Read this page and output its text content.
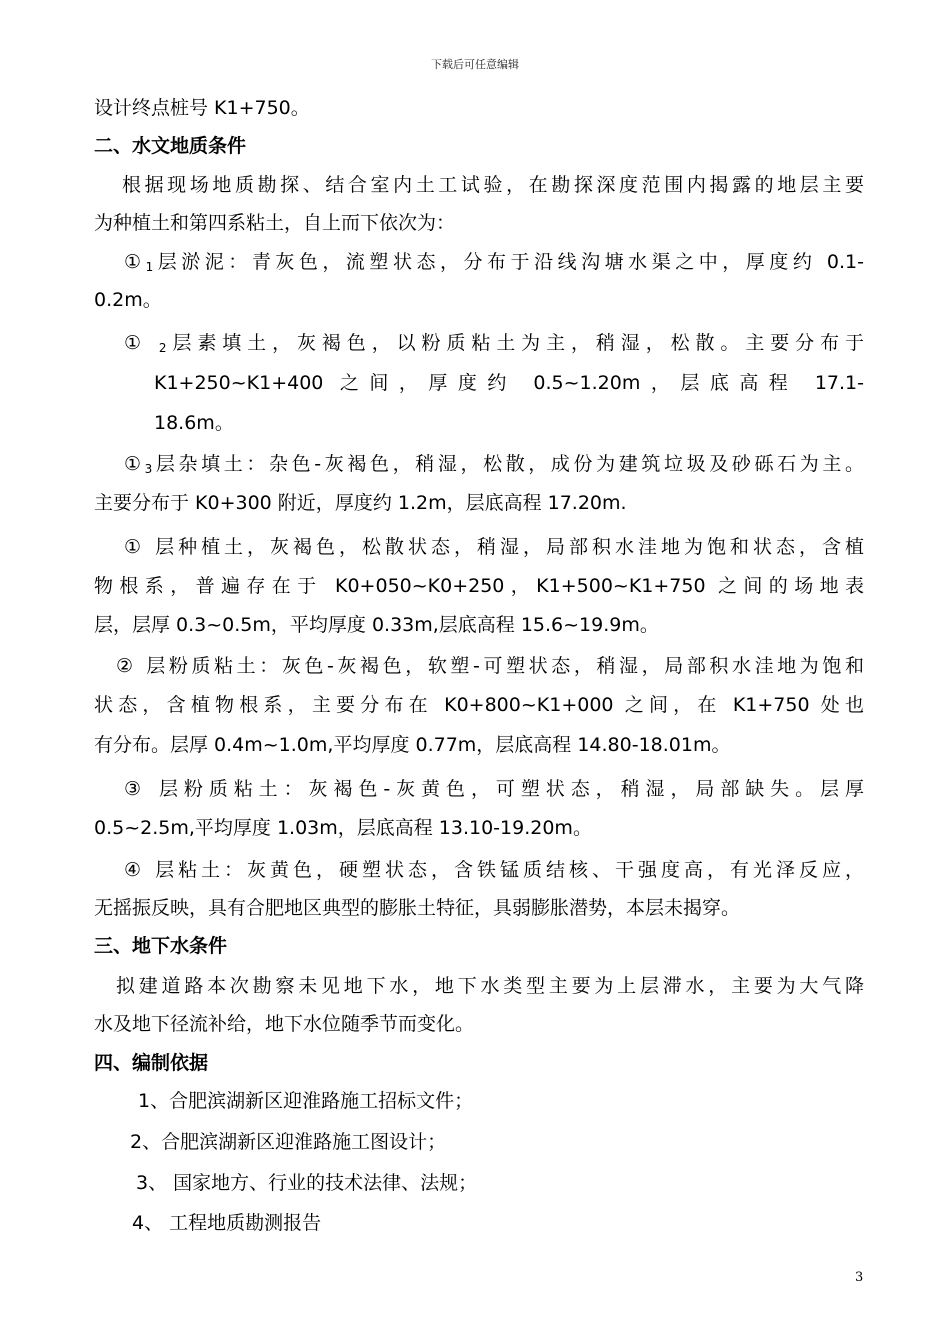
下载后可任意编辑
设计终点桩号 K1+750。
二、水文地质条件
根据现场地质勘探、结合室内土工试验，在勘探深度范围内揭露的地层主要
为种植土和第四系粘土，自上而下依次为：
$①_1$层淤泥：青灰色，流塑状态，分布于沿线沟塘水渠之中，厚度约 0.1-
0.2m。
① $_2$层素填土，灰褐色，以粉质粘土为主，稍湿，松散。主要分布于
K1+250~K1+400 之间，厚度约 0.5~1.20m，层底高程 17.1-
18.6m。
$①_3$层杂填土：杂色-灰褐色，稍湿，松散，成份为建筑垃圾及砂砾石为主。
主要分布于 K0+300 附近，厚度约 1.2m，层底高程 17.20m.
① 层种植土，灰褐色，松散状态，稍湿，局部积水洼地为饱和状态，含植
物根系，普遍存在于 K0+050~K0+250，K1+500~K1+750 之间的场地表
层，层厚 0.3~0.5m，平均厚度 0.33m,层底高程 15.6~19.9m。
② 层粉质粘土：灰色-灰褐色，软塑-可塑状态，稍湿，局部积水洼地为饱和
状态，含植物根系，主要分布在 K0+800~K1+000 之间，在 K1+750 处也
有分布。层厚 0.4m~1.0m,平均厚度 0.77m，层底高程 14.80-18.01m。
③ 层粉质粘土：灰褐色-灰黄色，可塑状态，稍湿，局部缺失。层厚
0.5~2.5m,平均厚度 1.03m，层底高程 13.10-19.20m。
④ 层粘土：灰黄色，硬塑状态，含铁锰质结核、干强度高，有光泽反应，
无摇振反映，具有合肥地区典型的膨胀土特征，具弱膨胀潜势，本层未揭穿。
三、地下水条件
拟建道路本次勘察未见地下水，地下水类型主要为上层滞水，主要为大气降
水及地下径流补给，地下水位随季节而变化。
四、编制依据
1、合肥滨湖新区迎淮路施工招标文件；
2、合肥滨湖新区迎淮路施工图设计；
3、 国家地方、行业的技术法律、法规；
4、 工程地质勘测报告
3
